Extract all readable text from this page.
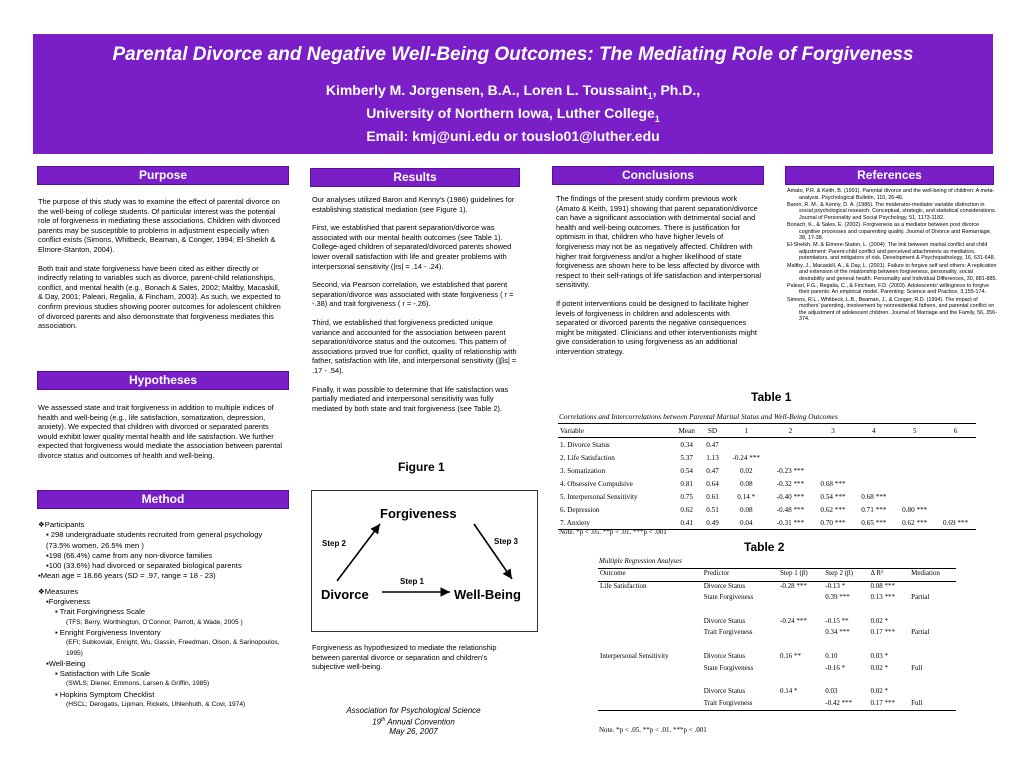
Parental Divorce and Negative Well-Being Outcomes: The Mediating Role of Forgiveness
Kimberly M. Jorgensen, B.A., Loren L. Toussaint$_1$, Ph.D.,
University of Northern Iowa, Luther College$_1$
Email: kmj@uni.edu or touslo01@luther.edu
Purpose

The purpose of this study was to examine the effect of parental divorce on the well-being of college students. Of particular interest was the potential role of forgiveness in mediating these associations. Children with divorced parents may be susceptible to problems in adjustment especially when conflict exists (Simons, Whitbeck, Beaman, & Conger, 1994; El-Sheikh & Elmore-Stanton, 2004).

Both trait and state forgiveness have been cited as either directly or indirectly relating to variables such as divorce, parent-child relationships, conflict, and mental health (e.g., Bonach & Sales, 2002; Maltby, Macaskill, & Day, 2001; Paleari, Regalia, & Fincham, 2003). As such, we expected to confirm previous studies showing poorer outcomes for adolescent children of divorced parents and also demonstrate that forgiveness mediates this association.

Hypotheses

We assessed state and trait forgiveness in addition to multiple indices of health and well-being (e.g., life satisfaction, somatization, depression, anxiety). We expected that children with divorced or separated parents would exhibit lower quality mental health and life satisfaction. We further expected that forgiveness would mediate the association between parental divorce status and outcomes of health and well-being.

Method
❖Participants
▪ 298 undergraduate students recruited from general psychology (73.5% women, 26.5% men )
▪198 (66.4%) came from any non-divorce families
▪100 (33.6%) had divorced or separated biological parents
▪Mean age = 18.66 years (SD = .97, range = 18 - 23)
❖Measures
▪Forgiveness
▪ Trait Forgivingness Scale
(TFS; Berry, Worthington, O'Connor, Parrott, & Wade, 2005 )
▪ Enright Forgiveness Inventory
(EFI; Subkoviak, Enright, Wu, Gassin, Freedman, Olson, & Sarinopoulos, 1995)
▪Well-Being
▪ Satisfaction with Life Scale
(SWLS; Diener, Emmons, Larsen & Griffin, 1985)
▪ Hopkins Symptom Checklist
(HSCL; Derogatis, Lipman, Rickels, Uhlenhuth, & Covi, 1974)
Results

Our analyses utilized Baron and Kenny's (1986) guidelines for establishing statistical mediation (see Figure 1).

First, we established that parent separation/divorce was associated with our mental health outcomes (see Table 1). College-aged children of separated/divorced parents showed lower overall satisfaction with life and greater problems with interpersonal sensitivity (|rs| = .14 - .24).

Second, via Pearson correlation, we established that parent separation/divorce was associated with state forgiveness ( r = -.38) and trait forgiveness ( r = -.26).

Third, we established that forgiveness predicted unique variance and accounted for the association between parent separation/divorce status and the outcomes. This pattern of associations proved true for conflict, quality of relationship with father, satisfaction with life, and interpersonal sensitivity (|βs| = .17 - .54).

Finally, it was possible to determine that life satisfaction was partially mediated and interpersonal sensitivity was fully mediated by both state and trait forgiveness (see Table 2).

Figure 1
Forgiveness
Divorce	Well-Being
Step 1
Step 2	Step 3
Forgiveness as hypothesized to mediate the relationship between parental divorce or separation and children's subjective well-being.
Association for Psychological Science
19th Annual Convention
May 26, 2007
Conclusions

The findings of the present study confirm previous work (Amato & Keith, 1991) showing that parent separation/divorce can have a significant association with detrimental social and health and well-being outcomes. There is justification for optimism in that, children who have higher levels of forgiveness may not be as negatively affected. Children with higher trait forgiveness and/or a higher likelihood of state forgiveness are shown here to be less affected by divorce with respect to their self-ratings of life satisfaction and interpersonal sensitivity.

If potent interventions could be designed to facilitate higher levels of forgiveness in children and adolescents with separated or divorced parents the negative consequences might be mitigated. Clinicians and other interventionists might give consideration to using forgiveness as an additional intervention strategy.

References
Amato, P.R. & Keith, B. (1991). Parental divorce and the well-being of children: A meta-analysis. Psychological Bulletin, 110, 26-46.
Baron, R. M., & Kenny, D. A. (1986). The moderator-mediator variable distinction in social psychological research: Conceptual, strategic, and statistical considerations. Journal of Personality and Social Psychology, 51, 1173-1182.
Bonach, K., & Sales, E. (2002). Forgiveness as a mediator between post divorce cognitive processes and coparenting quality. Journal of Divorce and Remarriage, 38, 17-38.
El-Sheikh, M. & Elmore-Staton, L. (2004). The link between marital conflict and child adjustment: Parent-child conflict and perceived attachments as mediators, potentiators, and mitigators of risk. Development & Psychopathology, 16, 631-648.
Maltby, J., Macaskill, A., & Day, L. (2001). Failure to forgive self and others: A replication and extension of the relationship between forgiveness, personality, social desirability and general health. Personality and Individual Differences, 30, 881-885.
Paleari, F.G., Regalia, C., & Fincham, F.D. (2003). Adolescents' willingness to forgive their parents: An empirical model. Parenting: Science and Practice, 3,155-174.
Simons, R.L., Whitbeck, L.B., Beaman, J., & Conger, R.D. (1994). The impact of mothers' parenting, involvement by nonresidential fathers, and parental conflict on the adjustment of adolescent children. Journal of Marriage and the Family, 56, 356-374.
Table 1
Correlations and Intercorrelations between Parental Marital Status and Well-Being Outcomes
Variable	Mean	SD	1	2	3	4	5	6
1. Divorce Status	0.34	0.47						
2. Life Satisfaction	5.37	1.13	-0.24 ***					
3. Somatization	0.54	0.47	0.02	-0.23 ***				
4. Obsessive Compulsive	0.81	0.64	0.08	-0.32 ***	0.68 ***			
5. Interpersonal Sensitivity	0.75	0.61	0.14 *	-0.40 ***	0.54 ***	0.68 ***		
6. Depression	0.62	0.51	0.08	-0.48 ***	0.62 ***	0.71 ***	0.80 ***	
7. Anxiety	0.41	0.49	0.04	-0.31 ***	0.70 ***	0.65 ***	0.62 ***	0.69 ***
Note. *p < .05. **p < .01. ***p < .001
Table 2
Multiple Regression Analyses
Outcome	Predictor	Step 1 (β)	Step 2 (β)	Δ R²	Mediation
Life Satisfaction	Divorce Status	-0.28 ***	-0.13 *	0.08 ***	
	State Forgiveness		0.39 ***	0.13 ***	Partial

	Divorce Status	-0.24 ***	-0.15 **	0.02 *	
	Trait Forgiveness		0.34 ***	0.17 ***	Partial

Interpersonal Sensitivity	Divorce Status	0.16 **	0.10	0.03 *	
	State Forgiveness		-0.16 *	0.02 *	Full

	Divorce Status	0.14 *	0.03	0.02 *	
	Trait Forgiveness		-0.42 ***	0.17 ***	Full
Note. *p < .05. **p < .01. ***p < .001
